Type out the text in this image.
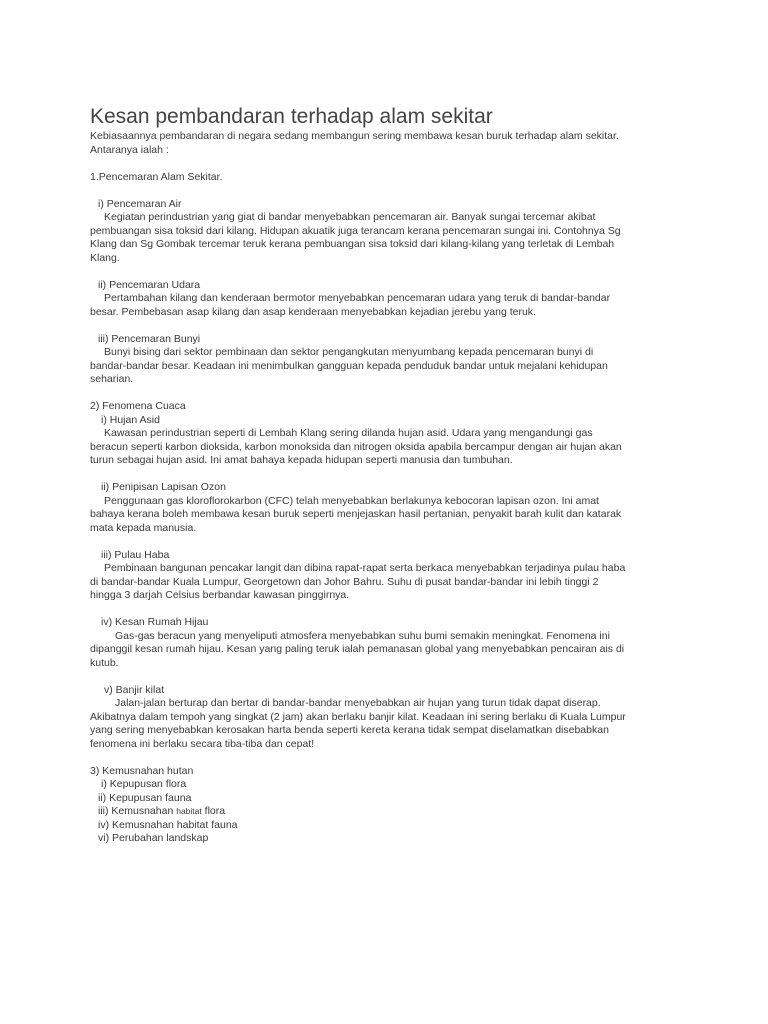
Kesan pembandaran terhadap alam sekitar
Kebiasaannya pembandaran di negara sedang membangun sering membawa kesan buruk terhadap alam sekitar.
Antaranya ialah :
1.Pencemaran Alam Sekitar.
i) Pencemaran Air
Kegiatan perindustrian yang giat di bandar menyebabkan pencemaran air. Banyak sungai tercemar akibat
pembuangan sisa toksid dari kilang. Hidupan akuatik juga terancam kerana pencemaran sungai ini. Contohnya Sg
Klang dan Sg Gombak tercemar teruk kerana pembuangan sisa toksid dari kilang-kilang yang terletak di Lembah
Klang.
ii) Pencemaran Udara
Pertambahan kilang dan kenderaan bermotor menyebabkan pencemaran udara yang teruk di bandar-bandar
besar. Pembebasan asap kilang dan asap kenderaan menyebabkan kejadian jerebu yang teruk.
iii) Pencemaran Bunyi
Bunyi bising dari sektor pembinaan dan sektor pengangkutan menyumbang kepada pencemaran bunyi di
bandar-bandar besar. Keadaan ini menimbulkan gangguan kepada penduduk bandar untuk mejalani kehidupan
seharian.
2) Fenomena Cuaca
i) Hujan Asid
Kawasan perindustrian seperti di Lembah Klang sering dilanda hujan asid. Udara yang mengandungi gas
beracun seperti karbon dioksida, karbon monoksida dan nitrogen oksida apabila bercampur dengan air hujan akan
turun sebagai hujan asid. Ini amat bahaya kepada hidupan seperti manusia dan tumbuhan.
ii) Penipisan Lapisan Ozon
Penggunaan gas kloroflorokarbon (CFC) telah menyebabkan berlakunya kebocoran lapisan ozon. Ini amat
bahaya kerana boleh membawa kesan buruk seperti menjejaskan hasil pertanian, penyakit barah kulit dan katarak
mata kepada manusia.
iii) Pulau Haba
Pembinaan bangunan pencakar langit dan dibina rapat-rapat serta berkaca menyebabkan terjadinya pulau haba
di bandar-bandar Kuala Lumpur, Georgetown dan Johor Bahru. Suhu di pusat bandar-bandar ini lebih tinggi 2
hingga 3 darjah Celsius berbandar kawasan pinggirnya.
iv) Kesan Rumah Hijau
Gas-gas beracun yang menyeliputi atmosfera menyebabkan suhu bumi semakin meningkat. Fenomena ini
dipanggil kesan rumah hijau. Kesan yang paling teruk ialah pemanasan global yang menyebabkan pencairan ais di
kutub.
v) Banjir kilat
Jalan-jalan berturap dan bertar di bandar-bandar menyebabkan air hujan yang turun tidak dapat diserap.
Akibatnya dalam tempoh yang singkat (2 jam) akan berlaku banjir kilat. Keadaan ini sering berlaku di Kuala Lumpur
yang sering menyebabkan kerosakan harta benda seperti kereta kerana tidak sempat diselamatkan disebabkan
fenomena ini berlaku secara tiba-tiba dan cepat!
3) Kemusnahan hutan
i) Kepupusan flora
ii) Kepupusan fauna
iii) Kemusnahan habitat flora
iv) Kemusnahan habitat fauna
vi) Perubahan landskap
